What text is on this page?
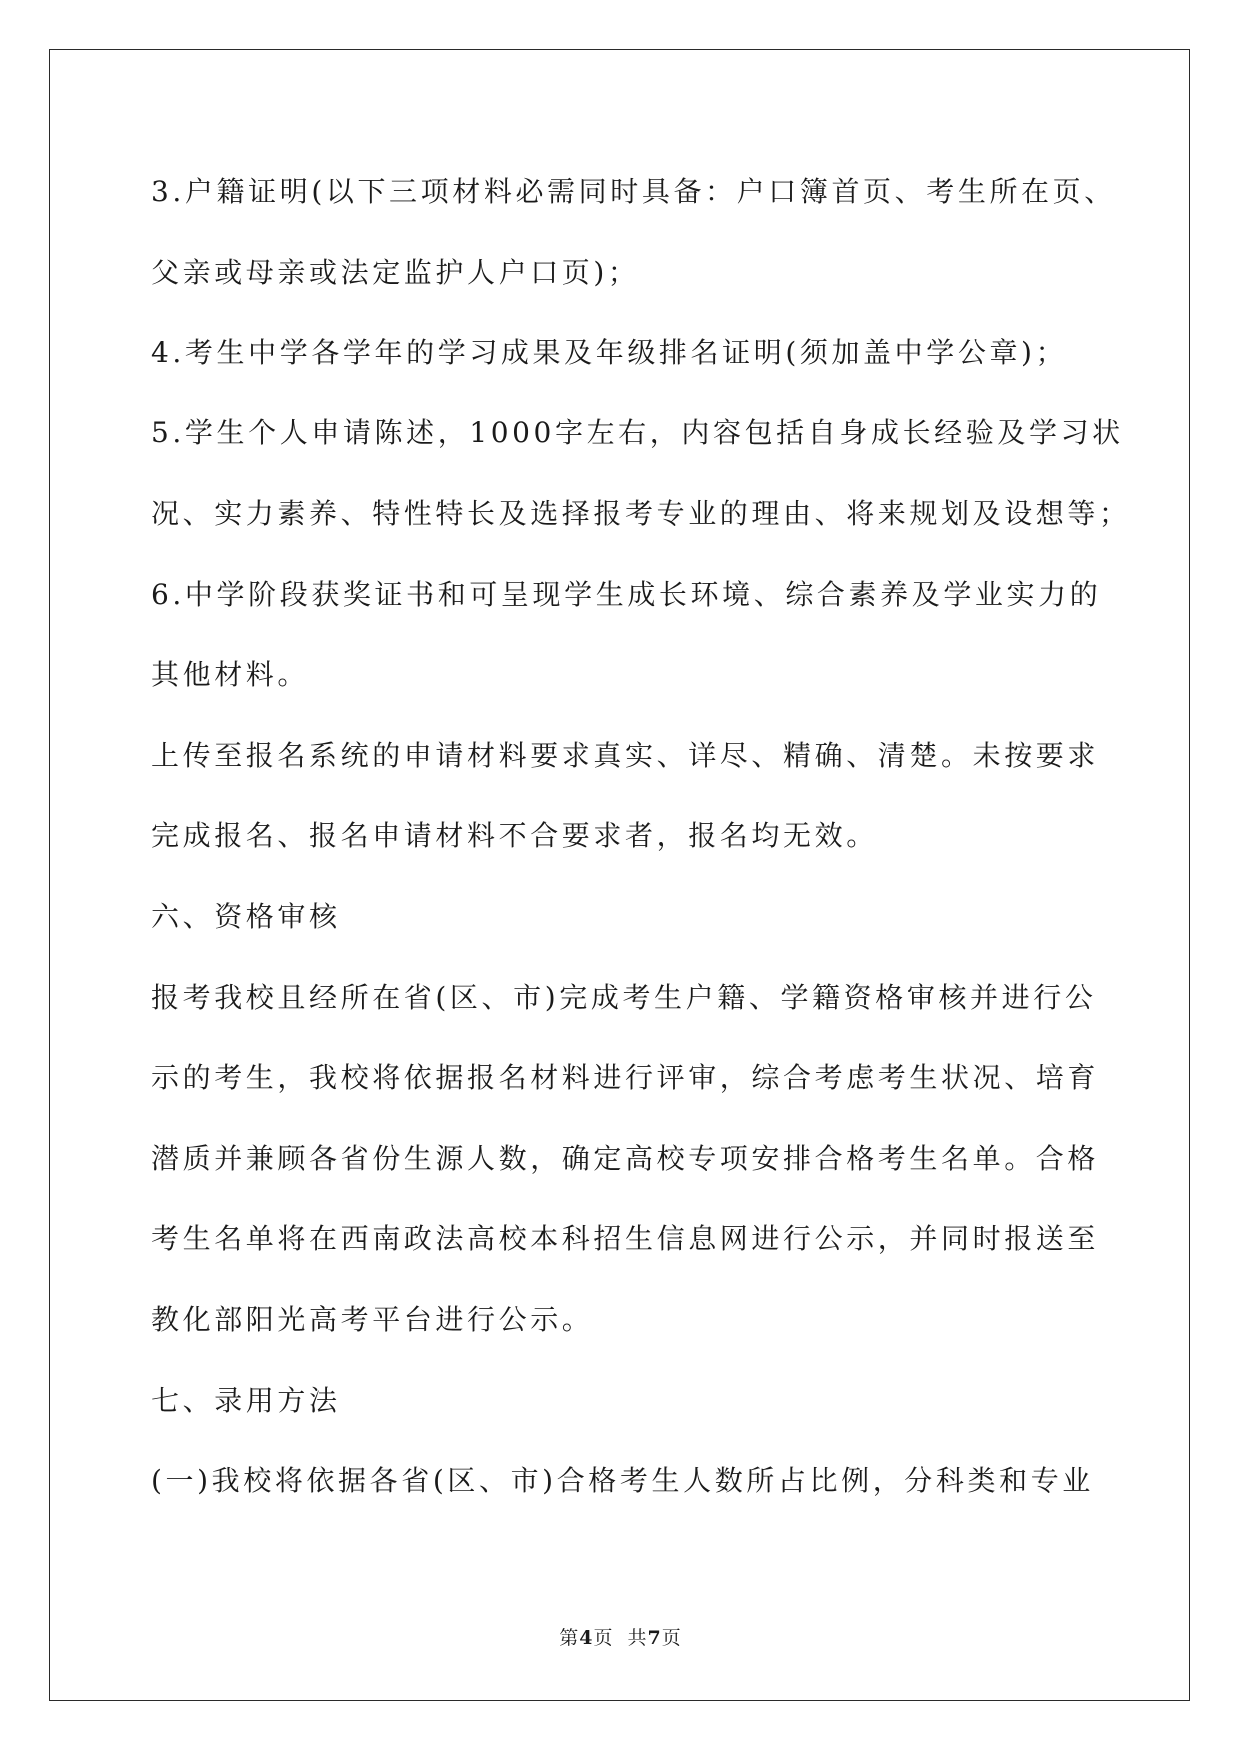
3.户籍证明(以下三项材料必需同时具备：户口簿首页、考生所在页、
父亲或母亲或法定监护人户口页)；
4.考生中学各学年的学习成果及年级排名证明(须加盖中学公章)；
5.学生个人申请陈述，1000字左右，内容包括自身成长经验及学习状
况、实力素养、特性特长及选择报考专业的理由、将来规划及设想等；
6.中学阶段获奖证书和可呈现学生成长环境、综合素养及学业实力的
其他材料。
上传至报名系统的申请材料要求真实、详尽、精确、清楚。未按要求
完成报名、报名申请材料不合要求者，报名均无效。
六、资格审核
报考我校且经所在省(区、市)完成考生户籍、学籍资格审核并进行公
示的考生，我校将依据报名材料进行评审，综合考虑考生状况、培育
潜质并兼顾各省份生源人数，确定高校专项安排合格考生名单。合格
考生名单将在西南政法高校本科招生信息网进行公示，并同时报送至
教化部阳光高考平台进行公示。
七、录用方法
(一)我校将依据各省(区、市)合格考生人数所占比例，分科类和专业
第4页  共7页
